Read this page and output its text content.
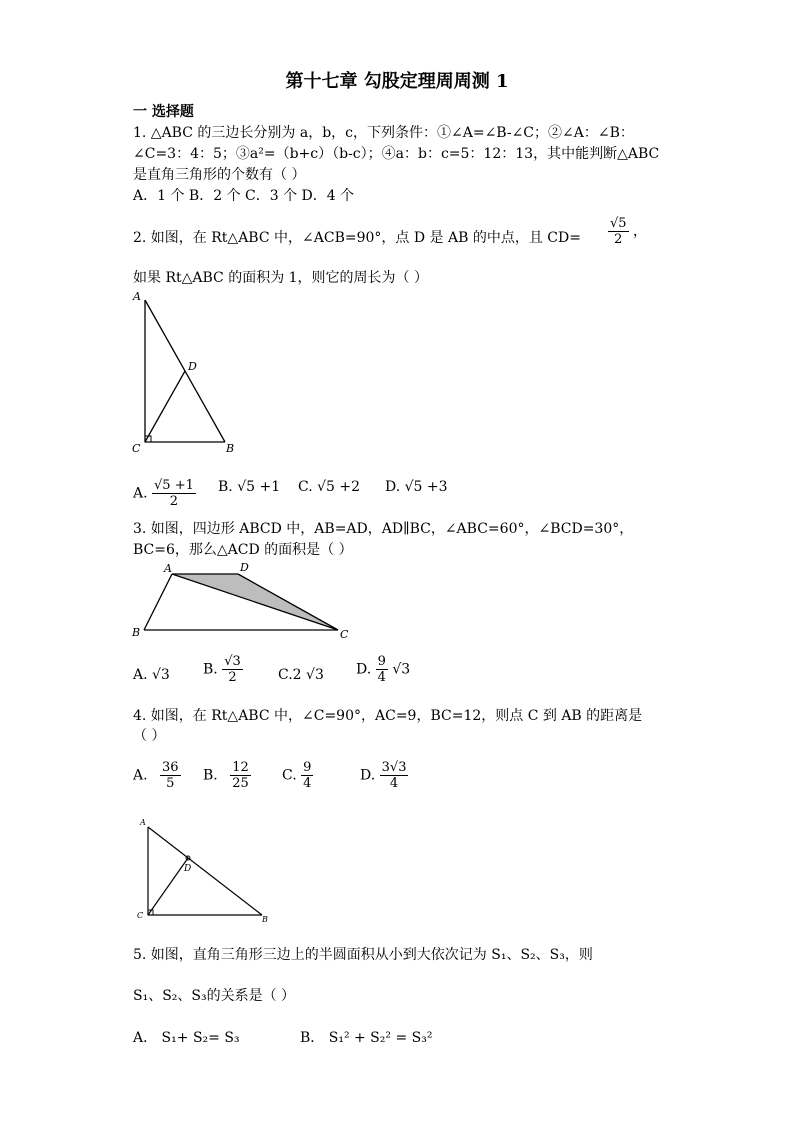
第十七章 勾股定理周周测 1
一 选择题
1. △ABC 的三边长分别为 a，b，c，下列条件：①∠A=∠B-∠C；②∠A：∠B：
∠C=3：4：5；③a²=（b+c）（b-c）；④a：b：c=5：12：13，其中能判断△ABC
是直角三角形的个数有（ ）
A．1 个 B．2 个 C．3 个 D．4 个
2. 如图，在 Rt△ABC 中，∠ACB=90°，点 D 是 AB 的中点，且 $CD= \frac{√5}{2}$ ，
如果 Rt△ABC 的面积为 1，则它的周长为（ ）
A
D
C	B
A. $\frac{√5 +1}{2} B$. √5 +1 C. √5 +2 D. √5 +3
3. 如图，四边形 ABCD 中，AB=AD，AD∥BC，∠ABC=60°，∠BCD=30°，
BC=6，那么△ACD 的面积是（ ）
A	D
B	C
A. √3 B. $\frac{√3}{2}$	C.2 √3 D. $\frac{9}{4} √3$
4. 如图，在 Rt△ABC 中，∠C=90°，AC=9，BC=12，则点 C 到 AB 的距离是
（ ）
A. $\frac{36}{5} B$. $\frac{12}{25} C$. $\frac{9}{4}$	D. $\frac{3√3}{4}$
A
D
C	B
5. 如图，直角三角形三边上的半圆面积从小到大依次记为 S₁、S₂、S₃，则
S₁、S₂、S₃的关系是（ ）
A． S₁+ S₂= S₃	B． S₁² + S₂² = S₃²
